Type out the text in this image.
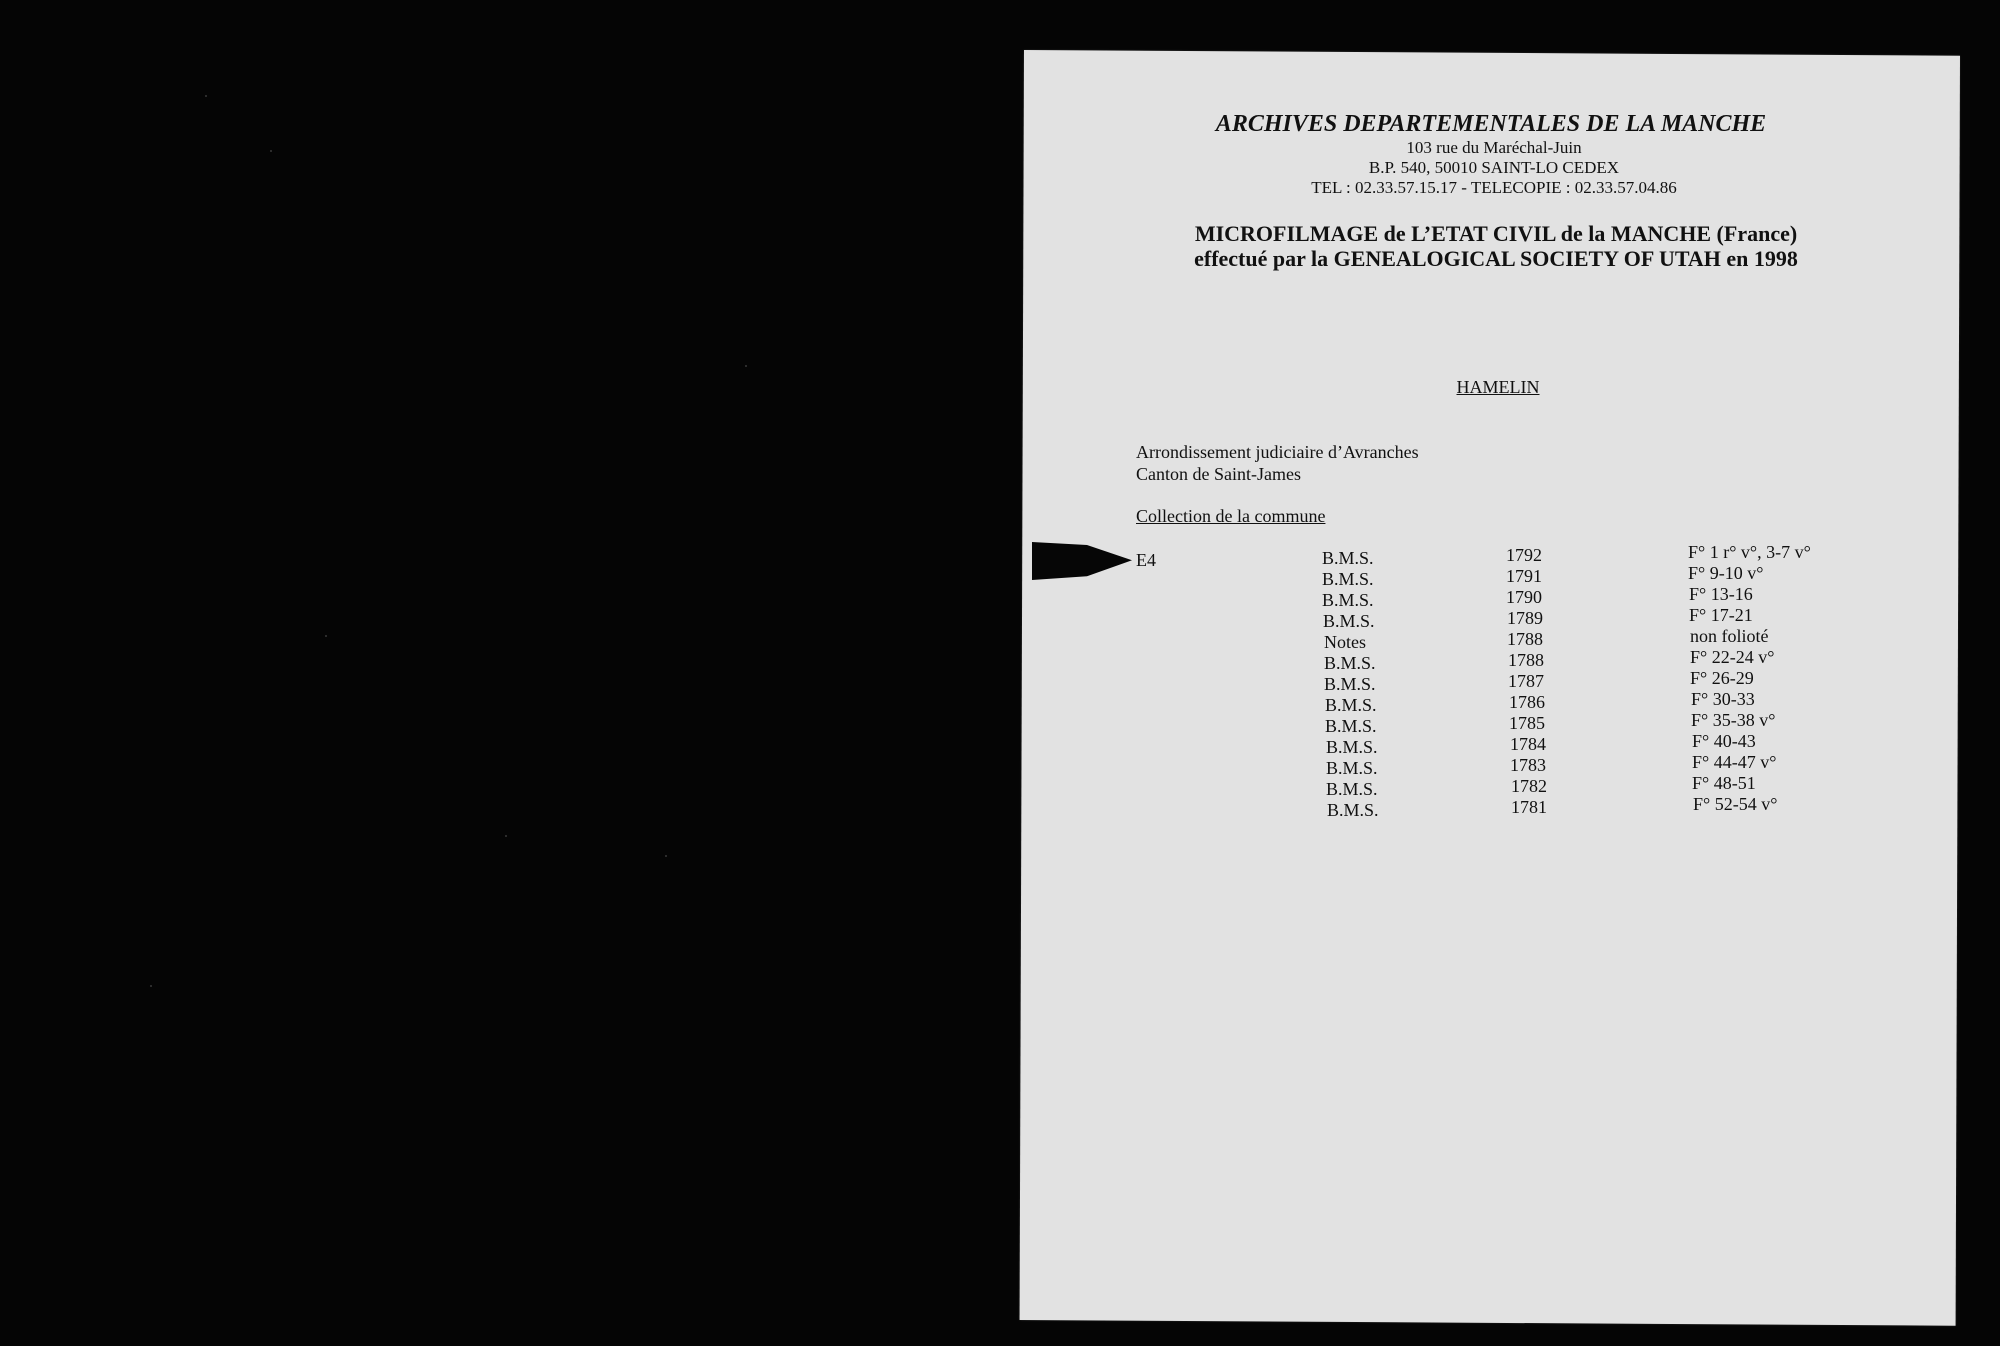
ARCHIVES DEPARTEMENTALES DE LA MANCHE
103 rue du Maréchal-Juin
B.P. 540, 50010 SAINT-LO CEDEX
TEL : 02.33.57.15.17 - TELECOPIE : 02.33.57.04.86
MICROFILMAGE de L’ETAT CIVIL de la MANCHE (France)
effectué par la GENEALOGICAL SOCIETY OF UTAH en 1998
HAMELIN
Arrondissement judiciaire d’Avranches
Canton de Saint-James
Collection de la commune
E4	B.M.S.	1792	F° 1 r° v°, 3-7 v°
B.M.S.	1791	F° 9-10 v°
B.M.S.	1790	F° 13-16
B.M.S.	1789	F° 17-21
Notes	1788	non folioté
B.M.S.	1788	F° 22-24 v°
B.M.S.	1787	F° 26-29
B.M.S.	1786	F° 30-33
B.M.S.	1785	F° 35-38 v°
B.M.S.	1784	F° 40-43
B.M.S.	1783	F° 44-47 v°
B.M.S.	1782	F° 48-51
B.M.S.	1781	F° 52-54 v°
